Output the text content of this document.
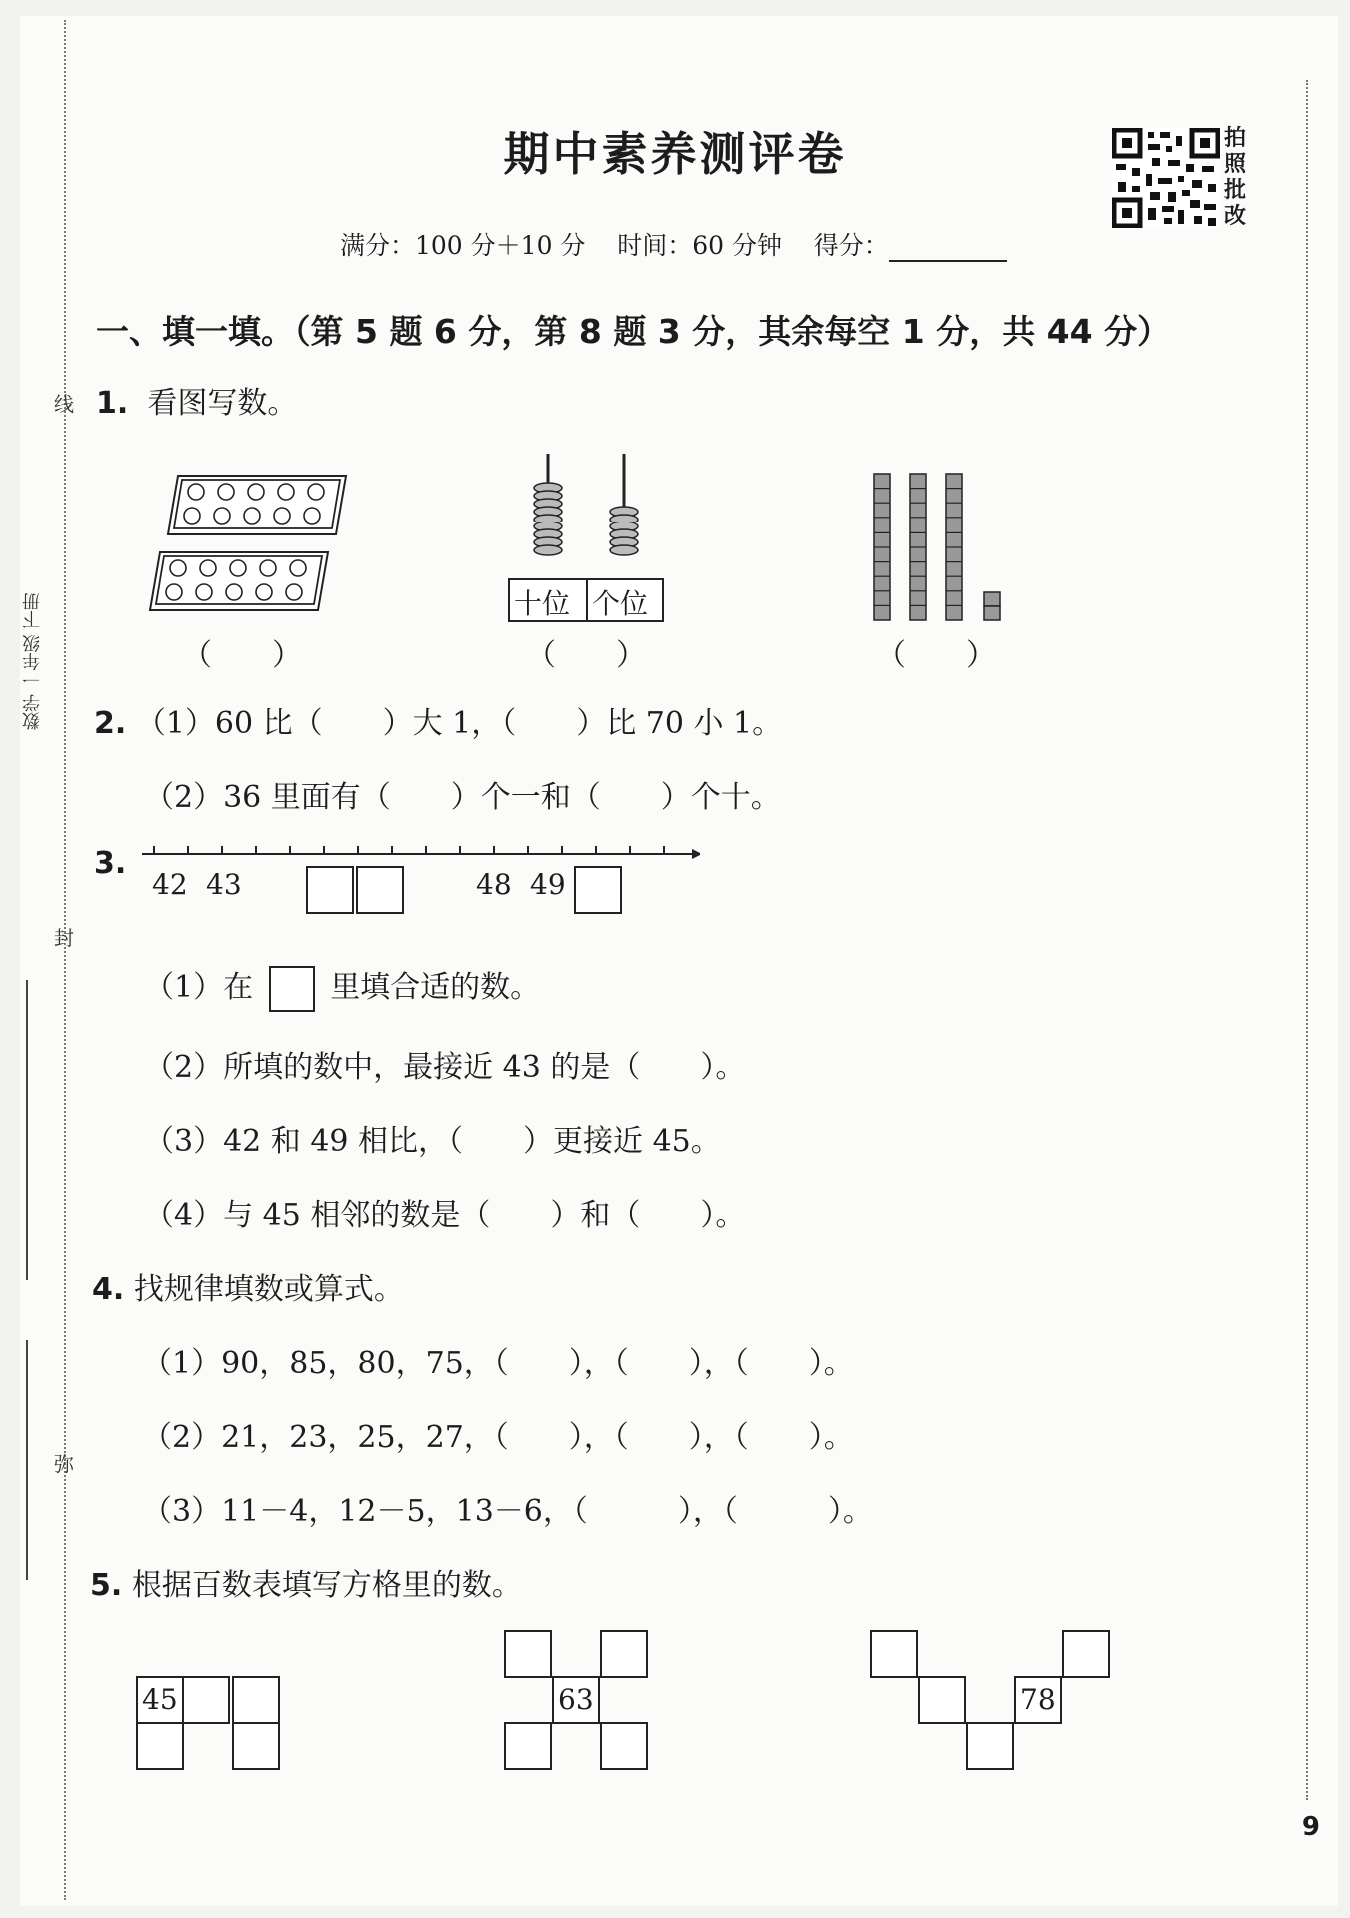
数学 一年级 下册
线
封
弥
期中素养测评卷
满分：100 分＋10 分 时间：60 分钟 得分：
拍照批改
一、填一填。（第 5 题 6 分，第 8 题 3 分，其余每空 1 分，共 44 分）
1. 看图写数。
（　　）
十位 个位
（　　）	（　　）
2. （1）60 比（　　）大 1，（　　）比 70 小 1。
（2）36 里面有（　　）个一和（　　）个十。
3.
42 43	48 49
（1）在	里填合适的数。
（2）所填的数中，最接近 43 的是（　　）。
（3）42 和 49 相比，（　　）更接近 45。
（4）与 45 相邻的数是（　　）和（　　）。
4. 找规律填数或算式。
（1）90，85，80，75，（　　），（　　），（　　）。
（2）21，23，25，27，（　　），（　　），（　　）。
（3）11－4，12－5，13－6，（　　　），（　　　）。
5. 根据百数表填写方格里的数。
45	63	78
9
